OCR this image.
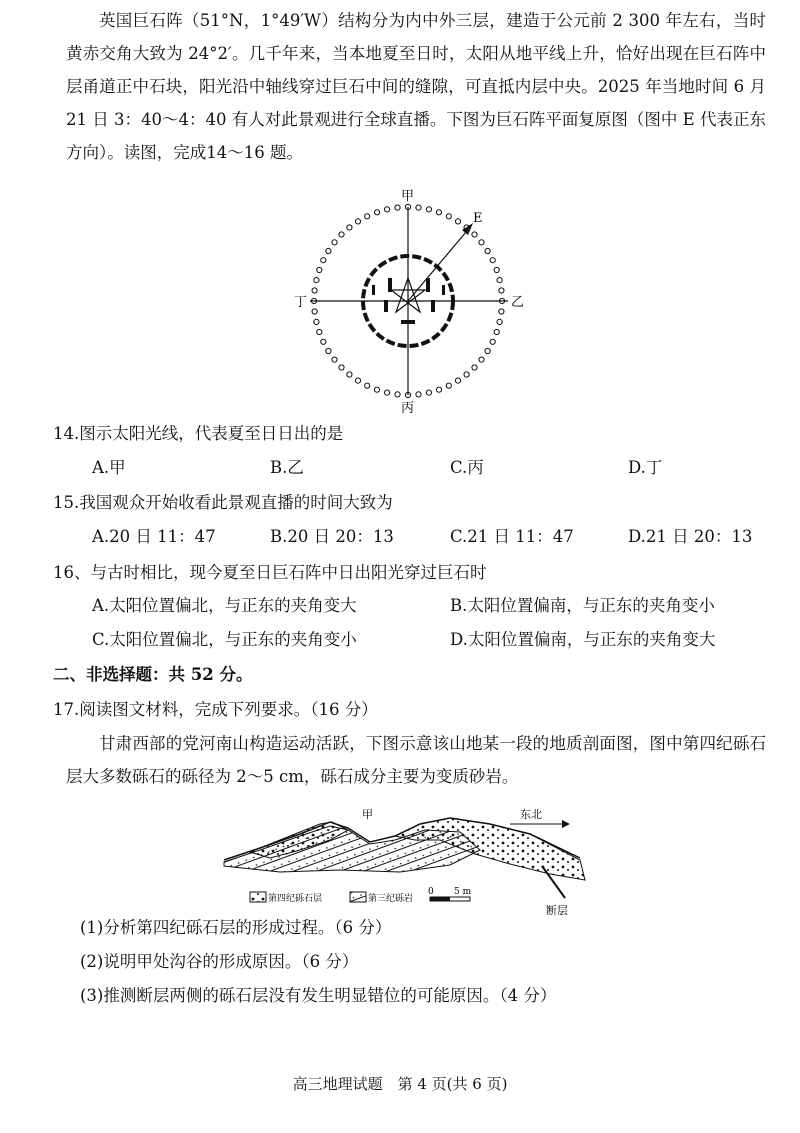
英国巨石阵（51°N，1°49′W）结构分为内中外三层，建造于公元前 2 300 年左右，当时黄赤交角大致为 24°2′。几千年来，当本地夏至日时，太阳从地平线上升，恰好出现在巨石阵中层甬道正中石块，阳光沿中轴线穿过巨石中间的缝隙，可直抵内层中央。2025 年当地时间 6 月 21 日 3：40～4：40 有人对此景观进行全球直播。下图为巨石阵平面复原图（图中 E 代表正东方向）。读图，完成14～16 题。

甲
乙
丙
丁
E
14.图示太阳光线，代表夏至日日出的是
A.甲	B.乙	C.丙	D.丁
15.我国观众开始收看此景观直播的时间大致为
A.20 日 11：47	B.20 日 20：13	C.21 日 11：47	D.21 日 20：13
16、与古时相比，现今夏至日巨石阵中日出阳光穿过巨石时
A.太阳位置偏北，与正东的夹角变大	B.太阳位置偏南，与正东的夹角变小
C.太阳位置偏北，与正东的夹角变小	D.太阳位置偏南，与正东的夹角变大
二、非选择题：共 52 分。
17.阅读图文材料，完成下列要求。（16 分）

甘肃西部的党河南山构造运动活跃，下图示意该山地某一段的地质剖面图，图中第四纪砾石层大多数砾石的砾径为 2～5 cm，砾石成分主要为变质砂岩。

甲	东北
第四纪砾石层	第三纪砾岩
0 5 m
断层
(1)分析第四纪砾石层的形成过程。（6 分）
(2)说明甲处沟谷的形成原因。（6 分）
(3)推测断层两侧的砾石层没有发生明显错位的可能原因。（4 分）
高三地理试题　第 4 页(共 6 页)
